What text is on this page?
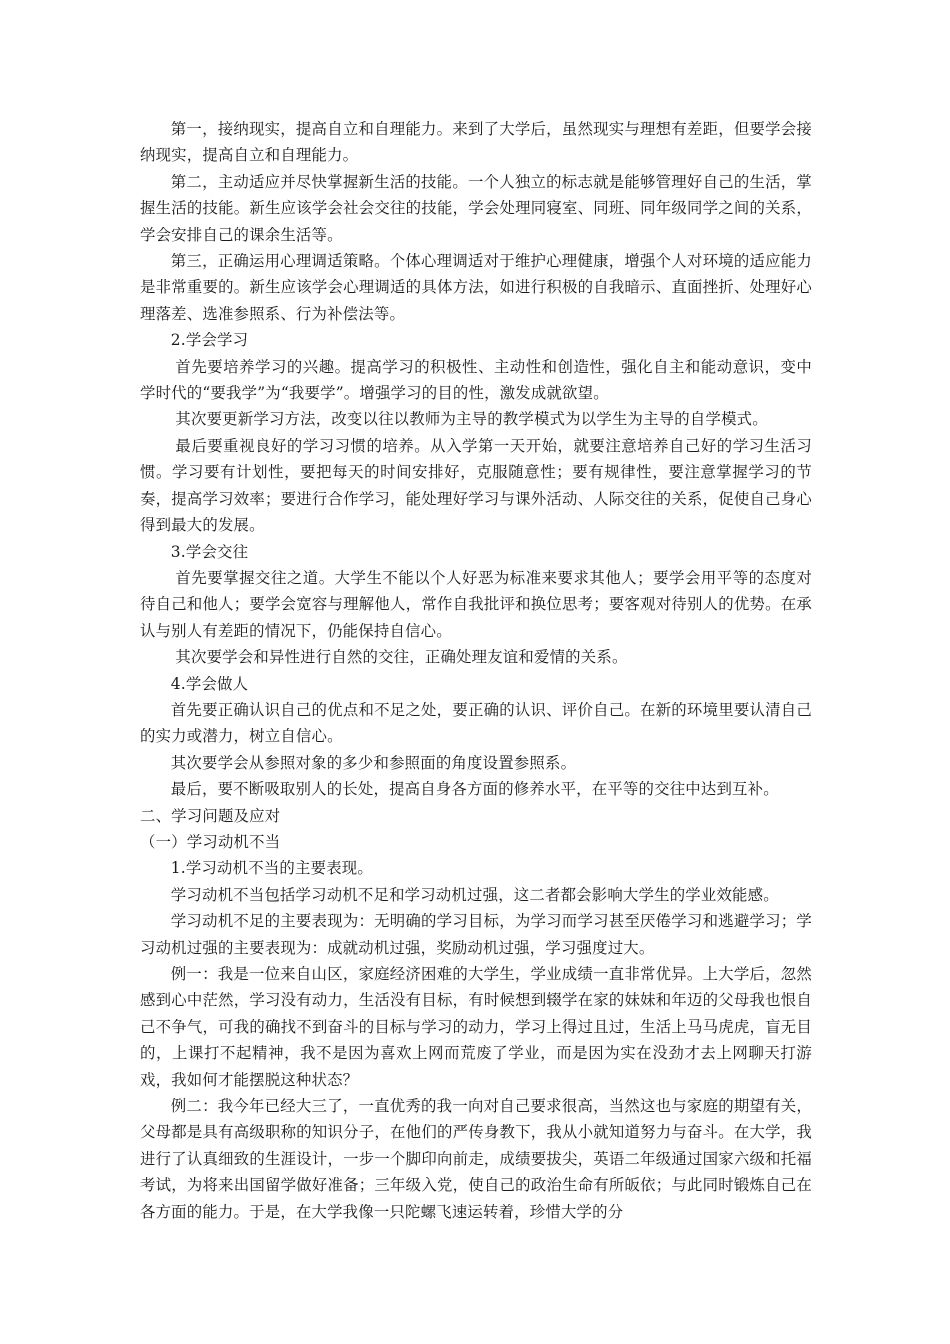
第一，接纳现实，提高自立和自理能力。来到了大学后，虽然现实与理想有差距，但要学会接纳现实，提高自立和自理能力。

第二，主动适应并尽快掌握新生活的技能。一个人独立的标志就是能够管理好自己的生活，掌握生活的技能。新生应该学会社会交往的技能，学会处理同寝室、同班、同年级同学之间的关系，学会安排自己的课余生活等。

第三，正确运用心理调适策略。个体心理调适对于维护心理健康，增强个人对环境的适应能力是非常重要的。新生应该学会心理调适的具体方法，如进行积极的自我暗示、直面挫折、处理好心理落差、选准参照系、行为补偿法等。

2.学会学习

首先要培养学习的兴趣。提高学习的积极性、主动性和创造性，强化自主和能动意识，变中学时代的“要我学”为“我要学”。增强学习的目的性，激发成就欲望。

其次要更新学习方法，改变以往以教师为主导的教学模式为以学生为主导的自学模式。

最后要重视良好的学习习惯的培养。从入学第一天开始，就要注意培养自己好的学习生活习惯。学习要有计划性，要把每天的时间安排好，克服随意性；要有规律性，要注意掌握学习的节奏，提高学习效率；要进行合作学习，能处理好学习与课外活动、人际交往的关系，促使自己身心得到最大的发展。

3.学会交往

首先要掌握交往之道。大学生不能以个人好恶为标准来要求其他人；要学会用平等的态度对待自己和他人；要学会宽容与理解他人，常作自我批评和换位思考；要客观对待别人的优势。在承认与别人有差距的情况下，仍能保持自信心。

其次要学会和异性进行自然的交往，正确处理友谊和爱情的关系。

4.学会做人

首先要正确认识自己的优点和不足之处，要正确的认识、评价自己。在新的环境里要认清自己的实力或潜力，树立自信心。

其次要学会从参照对象的多少和参照面的角度设置参照系。

最后，要不断吸取别人的长处，提高自身各方面的修养水平，在平等的交往中达到互补。

二、学习问题及应对

（一）学习动机不当

1.学习动机不当的主要表现。

学习动机不当包括学习动机不足和学习动机过强，这二者都会影响大学生的学业效能感。

学习动机不足的主要表现为：无明确的学习目标，为学习而学习甚至厌倦学习和逃避学习；学习动机过强的主要表现为：成就动机过强，奖励动机过强，学习强度过大。

例一：我是一位来自山区，家庭经济困难的大学生，学业成绩一直非常优异。上大学后，忽然感到心中茫然，学习没有动力，生活没有目标，有时候想到辍学在家的妹妹和年迈的父母我也恨自己不争气，可我的确找不到奋斗的目标与学习的动力，学习上得过且过，生活上马马虎虎，盲无目的，上课打不起精神，我不是因为喜欢上网而荒废了学业，而是因为实在没劲才去上网聊天打游戏，我如何才能摆脱这种状态？

例二：我今年已经大三了，一直优秀的我一向对自己要求很高，当然这也与家庭的期望有关，父母都是具有高级职称的知识分子，在他们的严传身教下，我从小就知道努力与奋斗。在大学，我进行了认真细致的生涯设计，一步一个脚印向前走，成绩要拔尖，英语二年级通过国家六级和托福考试，为将来出国留学做好准备；三年级入党，使自己的政治生命有所皈依；与此同时锻炼自己在各方面的能力。于是，在大学我像一只陀螺飞速运转着，珍惜大学的分
